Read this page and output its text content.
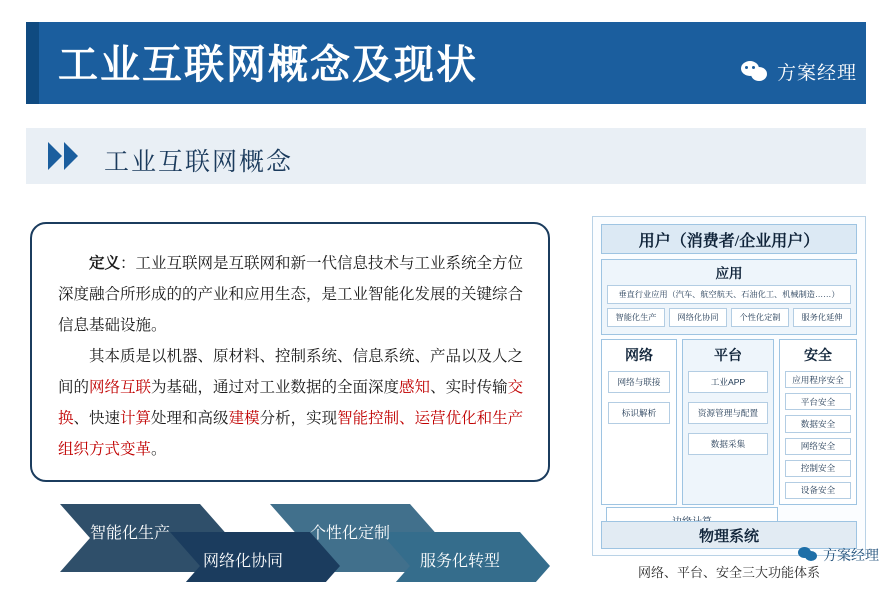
工业互联网概念及现状	方案经理
工业互联网概念

定义：工业互联网是互联网和新一代信息技术与工业系统全方位深度融合所形成的的产业和应用生态，是工业智能化发展的关键综合信息基础设施。

其本质是以机器、原材料、控制系统、信息系统、产品以及人之间的网络互联为基础，通过对工业数据的全面深度感知、实时传输交换、快速计算处理和高级建模分析，实现智能控制、运营优化和生产组织方式变革。

智能化生产
网络化协同
个性化定制
服务化转型
用户（消费者/企业用户）
应用
垂直行业应用（汽车、航空航天、石油化工、机械制造……）
智能化生产	网络化协同	个性化定制	服务化延伸
网络
网络与联接
标识解析
平台
工业APP
资源管理与配置
数据采集
安全
应用程序安全
平台安全
数据安全
网络安全
控制安全
设备安全
物理系统
网络、平台、安全三大功能体系
方案经理
